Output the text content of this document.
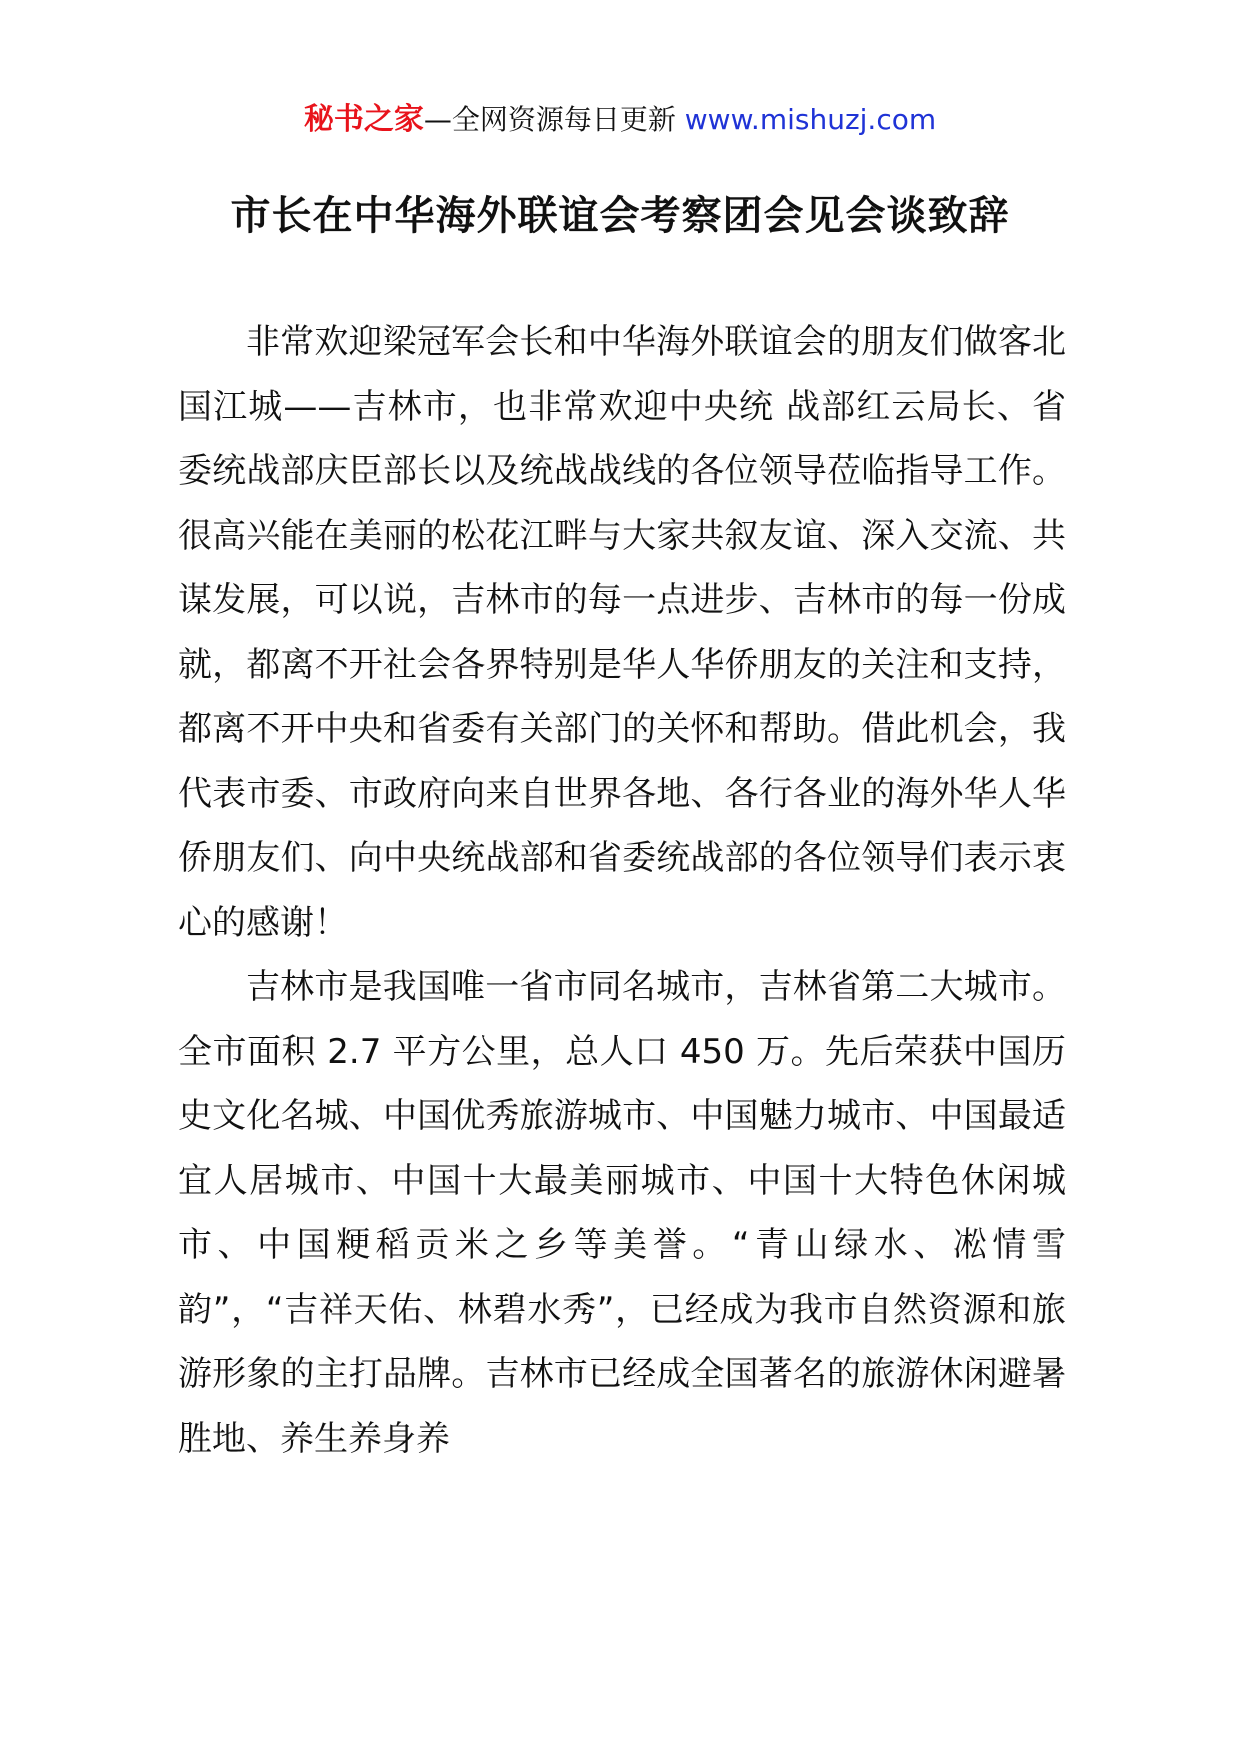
秘书之家—全网资源每日更新 www.mishuzj.com
市长在中华海外联谊会考察团会见会谈致辞

非常欢迎梁冠军会长和中华海外联谊会的朋友们做客北国江城——吉林市，也非常欢迎中央统 战部红云局长、省委统战部庆臣部长以及统战战线的各位领导莅临指导工作。很高兴能在美丽的松花江畔与大家共叙友谊、深入交流、共谋发展，可以说，吉林市的每一点进步、吉林市的每一份成就，都离不开社会各界特别是华人华侨朋友的关注和支持，都离不开中央和省委有关部门的关怀和帮助。借此机会，我代表市委、市政府向来自世界各地、各行各业的海外华人华侨朋友们、向中央统战部和省委统战部的各位领导们表示衷心的感谢！

吉林市是我国唯一省市同名城市，吉林省第二大城市。全市面积 2.7 平方公里，总人口 450 万。先后荣获中国历史文化名城、中国优秀旅游城市、中国魅力城市、中国最适宜人居城市、中国十大最美丽城市、中国十大特色休闲城市、中国粳稻贡米之乡等美誉。“青山绿水、凇情雪韵”，“吉祥天佑、林碧水秀”，已经成为我市自然资源和旅游形象的主打品牌。吉林市已经成全国著名的旅游休闲避暑胜地、养生养身养
